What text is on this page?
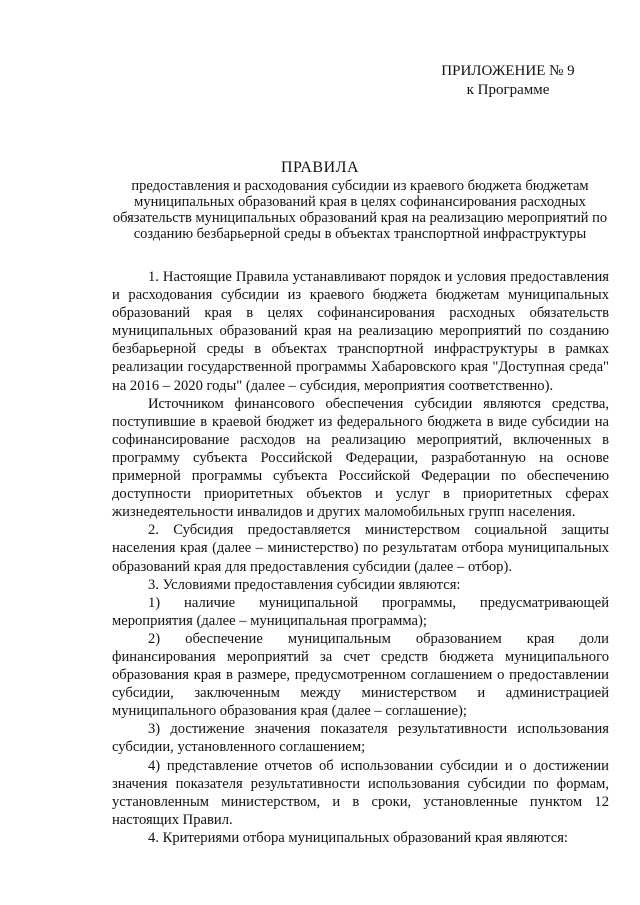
ПРИЛОЖЕНИЕ № 9
к Программе
ПРАВИЛА
предоставления и расходования субсидии из краевого бюджета бюджетам муниципальных образований края в целях софинансирования расходных обязательств муниципальных образований края на реализацию мероприятий по созданию безбарьерной среды в объектах транспортной инфраструктуры

1. Настоящие Правила устанавливают порядок и условия предоставления и расходования субсидии из краевого бюджета бюджетам муниципальных образований края в целях софинансирования расходных обязательств муниципальных образований края на реализацию мероприятий по созданию безбарьерной среды в объектах транспортной инфраструктуры в рамках реализации государственной программы Хабаровского края "Доступная среда" на 2016 – 2020 годы" (далее – субсидия, мероприятия соответственно).

Источником финансового обеспечения субсидии являются средства, поступившие в краевой бюджет из федерального бюджета в виде субсидии на софинансирование расходов на реализацию мероприятий, включенных в программу субъекта Российской Федерации, разработанную на основе примерной программы субъекта Российской Федерации по обеспечению доступности приоритетных объектов и услуг в приоритетных сферах жизнедеятельности инвалидов и других маломобильных групп населения.

2. Субсидия предоставляется министерством социальной защиты населения края (далее – министерство) по результатам отбора муниципальных образований края для предоставления субсидии (далее – отбор).

3. Условиями предоставления субсидии являются:

1) наличие муниципальной программы, предусматривающей мероприятия (далее – муниципальная программа);

2) обеспечение муниципальным образованием края доли финансирования мероприятий за счет средств бюджета муниципального образования края в размере, предусмотренном соглашением о предоставлении субсидии, заключенным между министерством и администрацией муниципального образования края (далее – соглашение);

3) достижение значения показателя результативности использования субсидии, установленного соглашением;

4) представление отчетов об использовании субсидии и о достижении значения показателя результативности использования субсидии по формам, установленным министерством, и в сроки, установленные пунктом 12 настоящих Правил.

4. Критериями отбора муниципальных образований края являются:
